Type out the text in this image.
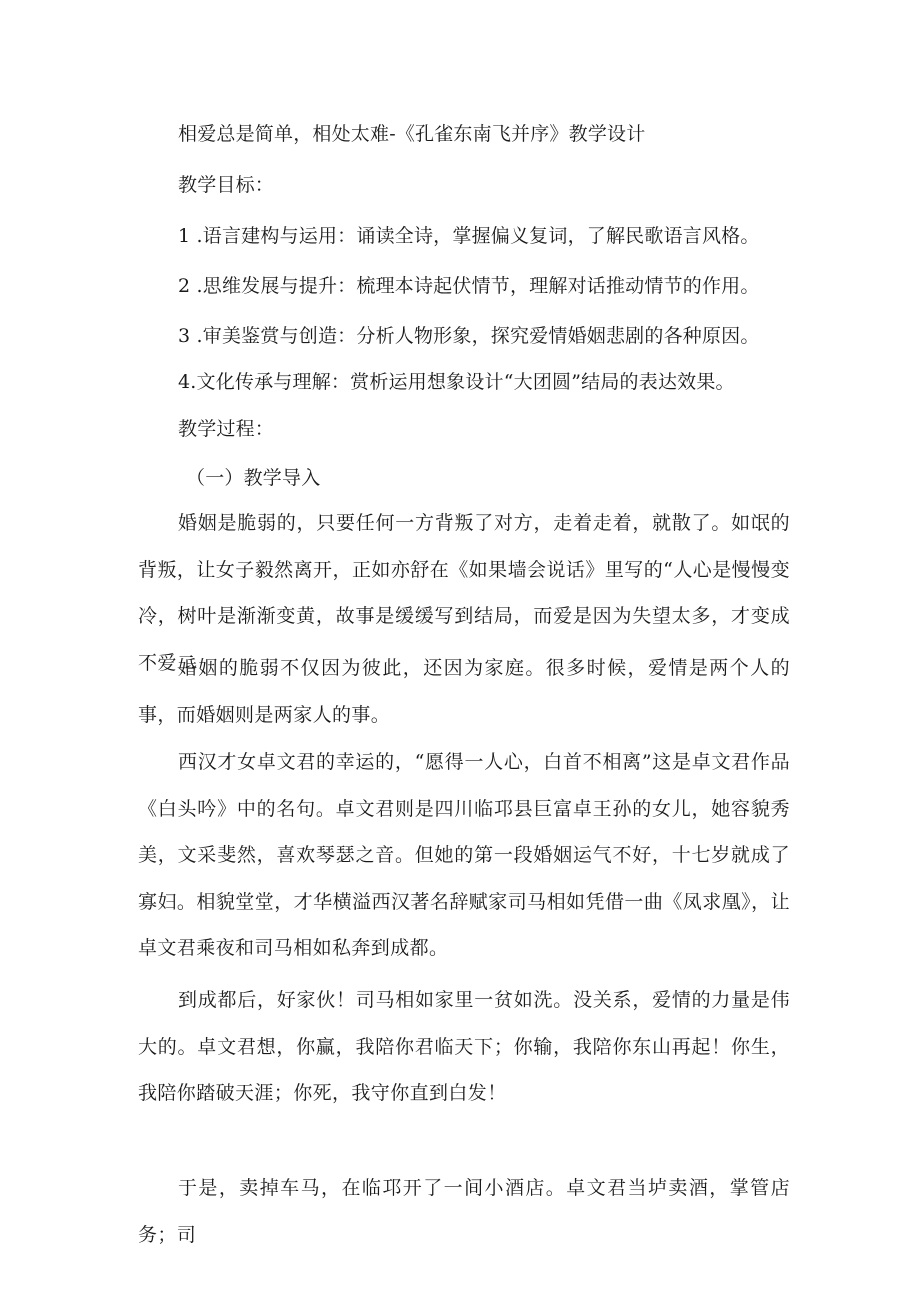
相爱总是简单，相处太难-《孔雀东南飞并序》教学设计
教学目标：
1 .语言建构与运用：诵读全诗，掌握偏义复词，了解民歌语言风格。
2 .思维发展与提升：梳理本诗起伏情节，理解对话推动情节的作用。
3 .审美鉴赏与创造：分析人物形象，探究爱情婚姻悲剧的各种原因。
4.文化传承与理解：赏析运用想象设计“大团圆”结局的表达效果。
教学过程：
（一）教学导入
婚姻是脆弱的，只要任何一方背叛了对方，走着走着，就散了。如氓的背叛，让女子毅然离开，正如亦舒在《如果墙会说话》里写的“人心是慢慢变冷，树叶是渐渐变黄，故事是缓缓写到结局，而爱是因为失望太多，才变成不爱二
婚姻的脆弱不仅因为彼此，还因为家庭。很多时候，爱情是两个人的事，而婚姻则是两家人的事。
西汉才女卓文君的幸运的，“愿得一人心，白首不相离”这是卓文君作品《白头吟》中的名句。卓文君则是四川临邛县巨富卓王孙的女儿，她容貌秀美，文采斐然，喜欢琴瑟之音。但她的第一段婚姻运气不好，十七岁就成了寡妇。相貌堂堂，才华横溢西汉著名辞赋家司马相如凭借一曲《凤求凰》，让卓文君乘夜和司马相如私奔到成都。
到成都后，好家伙！司马相如家里一贫如洗。没关系，爱情的力量是伟大的。卓文君想，你赢，我陪你君临天下；你输，我陪你东山再起！你生，我陪你踏破天涯；你死，我守你直到白发！
于是，卖掉车马，在临邛开了一间小酒店。卓文君当垆卖酒，掌管店务；司
